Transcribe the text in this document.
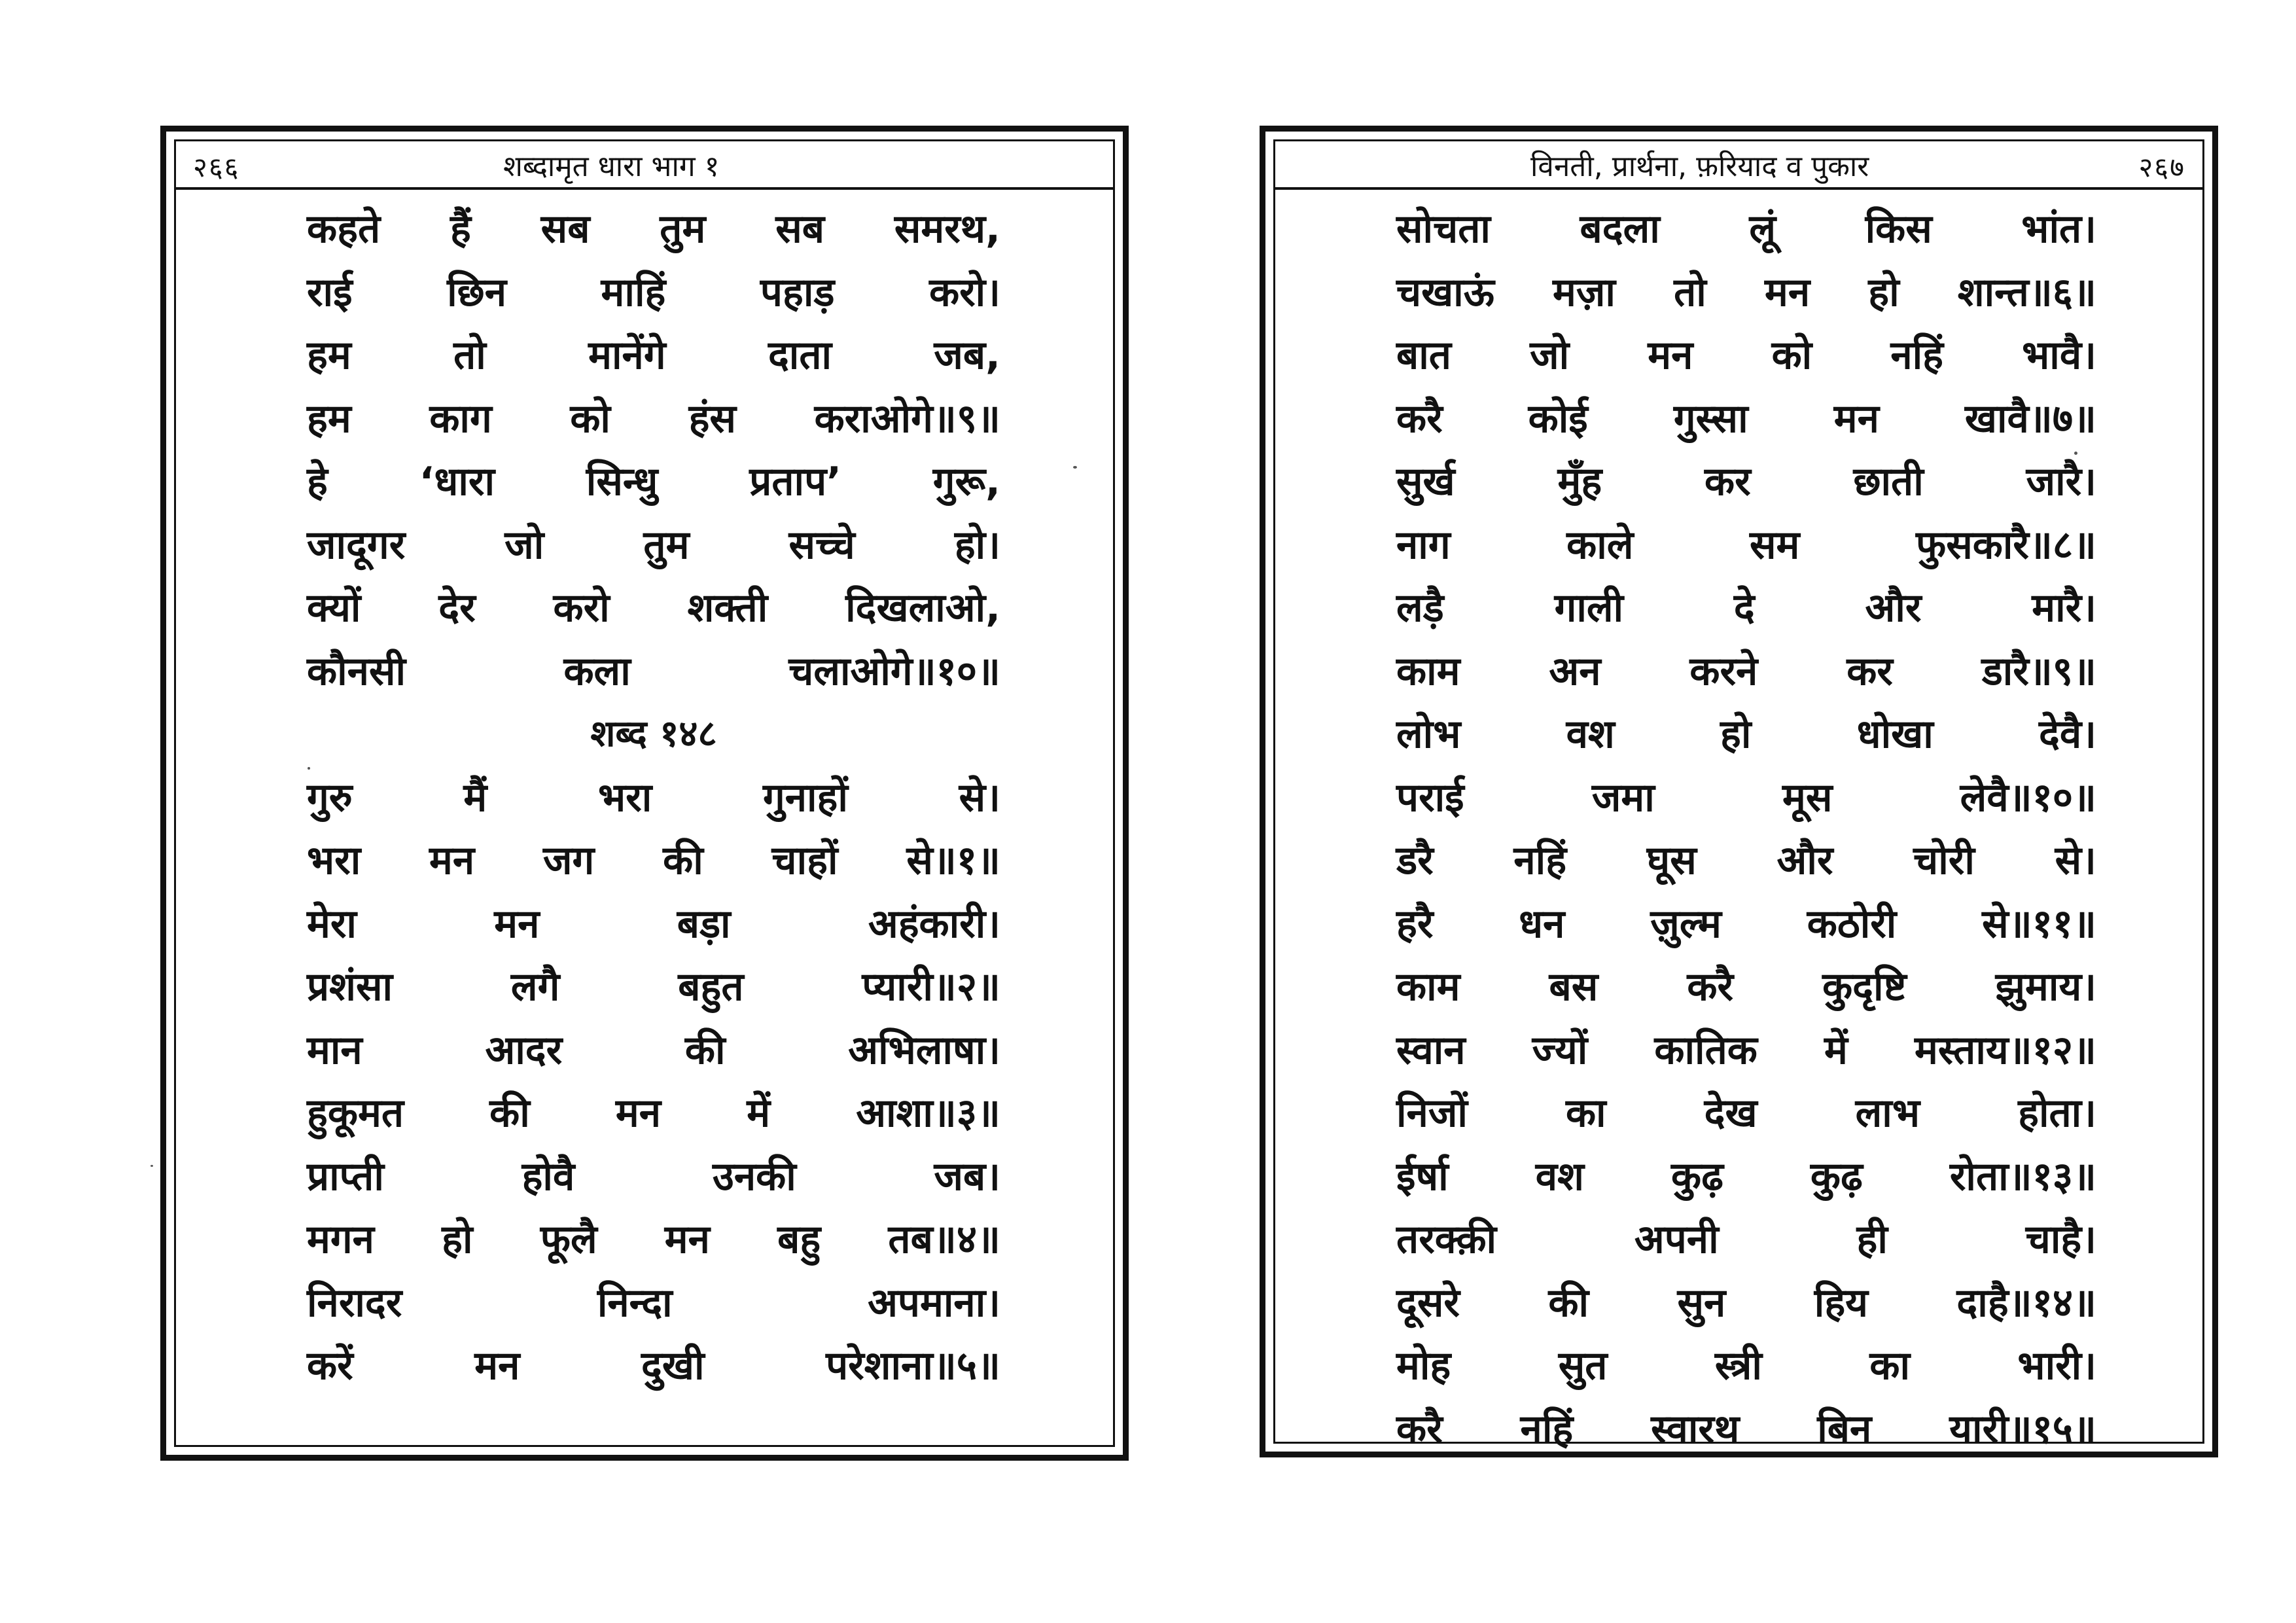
२६६	शब्दामृत धारा भाग १
कहते हैं सब तुम सब समरथ,
राई छिन माहिं पहाड़ करो।
हम	तो	मानेंगे	दाता	जब,
हम काग को हंस कराओगे॥९॥
हे ‘धारा सिन्धु प्रताप’ गुरू,
जादूगर	जो	तुम	सच्चे	हो।
क्यों देर करो शक्ती दिखलाओ,
कौनसी	कला	चलाओगे॥१०॥
शब्द १४८
गुरु	मैं	भरा	गुनाहों	से।
भरा मन जग की चाहों से॥१॥
मेरा	मन	बड़ा	अहंकारी।
प्रशंसा	लगै	बहुत	प्यारी॥२॥
मान	आदर	की	अभिलाषा।
हुकूमत की मन में आशा॥३॥
प्राप्ती	होवै	उनकी	जब।
मगन हो फूलै मन बहु तब॥४॥
निरादर	निन्दा	अपमाना।
करें	मन	दुखी	परेशाना॥५॥
विनती, प्रार्थना, फ़रियाद व पुकार	२६७
सोचता बदला लूं किस भांत।
चखाऊं मज़ा तो मन हो शान्त॥६॥
बात जो मन को नहिं भावै।
करै कोई गुस्सा मन खावै॥७॥
सुर्ख	मुँह	कर	छाती	जारै।
नाग	काले	सम	फुसकारै॥८॥
लड़ै	गाली	दे	और	मारै।
काम अन करने कर डारै॥९॥
लोभ	वश	हो	धोखा	देवै।
पराई	जमा	मूस	लेवै॥१०॥
डरै नहिं घूस और चोरी से।
हरै धन ज़ुल्म कठोरी से॥११॥
काम बस करै कुदृष्टि झुमाय।
स्वान ज्यों कातिक में मस्ताय॥१२॥
निजों	का	देख	लाभ	होता।
ईर्षा वश कुढ़ कुढ़ रोता॥१३॥
तरक्क़ी	अपनी	ही	चाहै।
दूसरे की सुन हिय दाहै॥१४॥
मोह	सुत	स्त्री	का	भारी।
करै नहिं स्वारथ बिन यारी॥१५॥
